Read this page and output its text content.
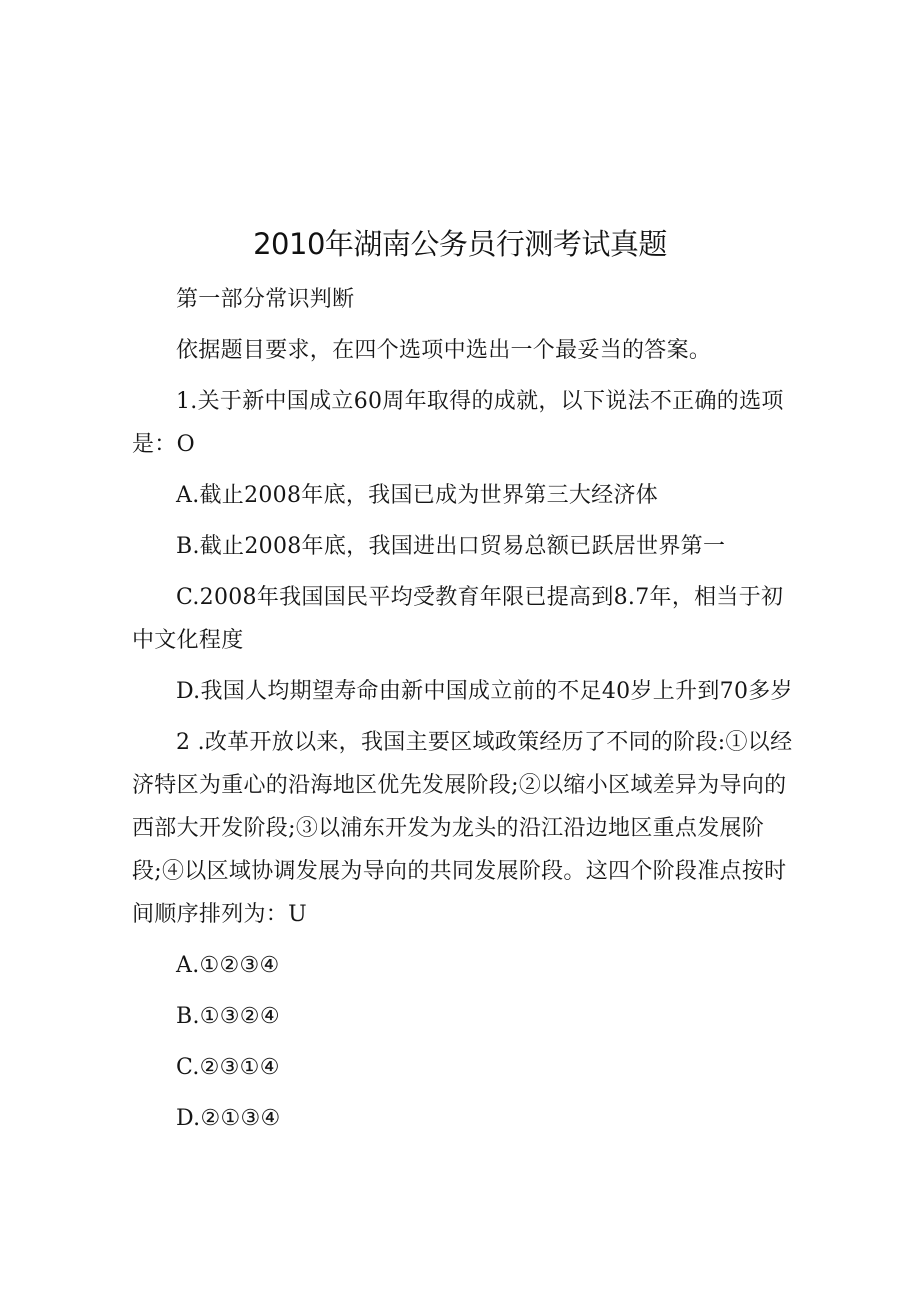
2010年湖南公务员行测考试真题

第一部分常识判断

依据题目要求，在四个选项中选出一个最妥当的答案。

1.关于新中国成立60周年取得的成就，以下说法不正确的选项是：O

A.截止2008年底，我国已成为世界第三大经济体

B.截止2008年底，我国进出口贸易总额已跃居世界第一

C.2008年我国国民平均受教育年限已提高到8.7年，相当于初中文化程度

D.我国人均期望寿命由新中国成立前的不足40岁上升到70多岁

2 .改革开放以来，我国主要区域政策经历了不同的阶段:①以经济特区为重心的沿海地区优先发展阶段;②以缩小区域差异为导向的西部大开发阶段;③以浦东开发为龙头的沿江沿边地区重点发展阶段;④以区域协调发展为导向的共同发展阶段。这四个阶段准点按时间顺序排列为：U

A.①②③④

B.①③②④

C.②③①④

D.②①③④
